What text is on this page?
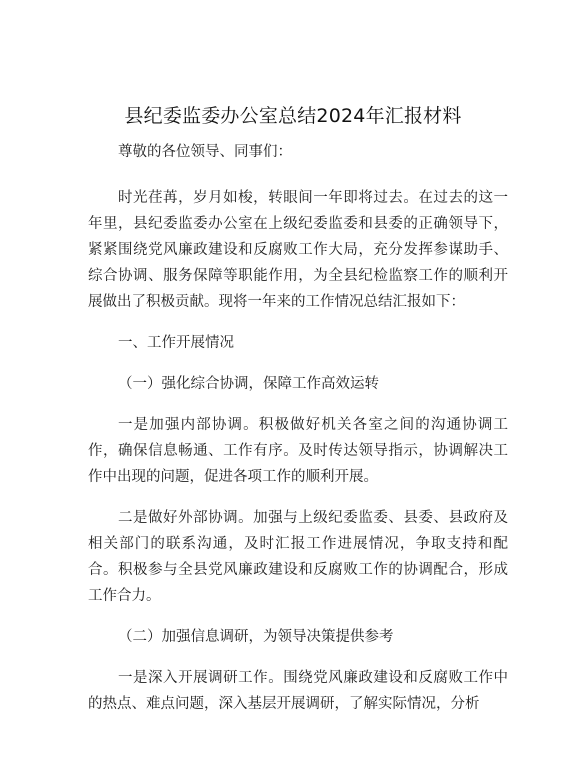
县纪委监委办公室总结2024年汇报材料

尊敬的各位领导、同事们：

时光荏苒，岁月如梭，转眼间一年即将过去。在过去的这一年里，县纪委监委办公室在上级纪委监委和县委的正确领导下，紧紧围绕党风廉政建设和反腐败工作大局，充分发挥参谋助手、综合协调、服务保障等职能作用，为全县纪检监察工作的顺利开展做出了积极贡献。现将一年来的工作情况总结汇报如下：

一、工作开展情况

（一）强化综合协调，保障工作高效运转

一是加强内部协调。积极做好机关各室之间的沟通协调工作，确保信息畅通、工作有序。及时传达领导指示，协调解决工作中出现的问题，促进各项工作的顺利开展。

二是做好外部协调。加强与上级纪委监委、县委、县政府及相关部门的联系沟通，及时汇报工作进展情况，争取支持和配合。积极参与全县党风廉政建设和反腐败工作的协调配合，形成工作合力。

（二）加强信息调研，为领导决策提供参考

一是深入开展调研工作。围绕党风廉政建设和反腐败工作中的热点、难点问题，深入基层开展调研，了解实际情况，分析
